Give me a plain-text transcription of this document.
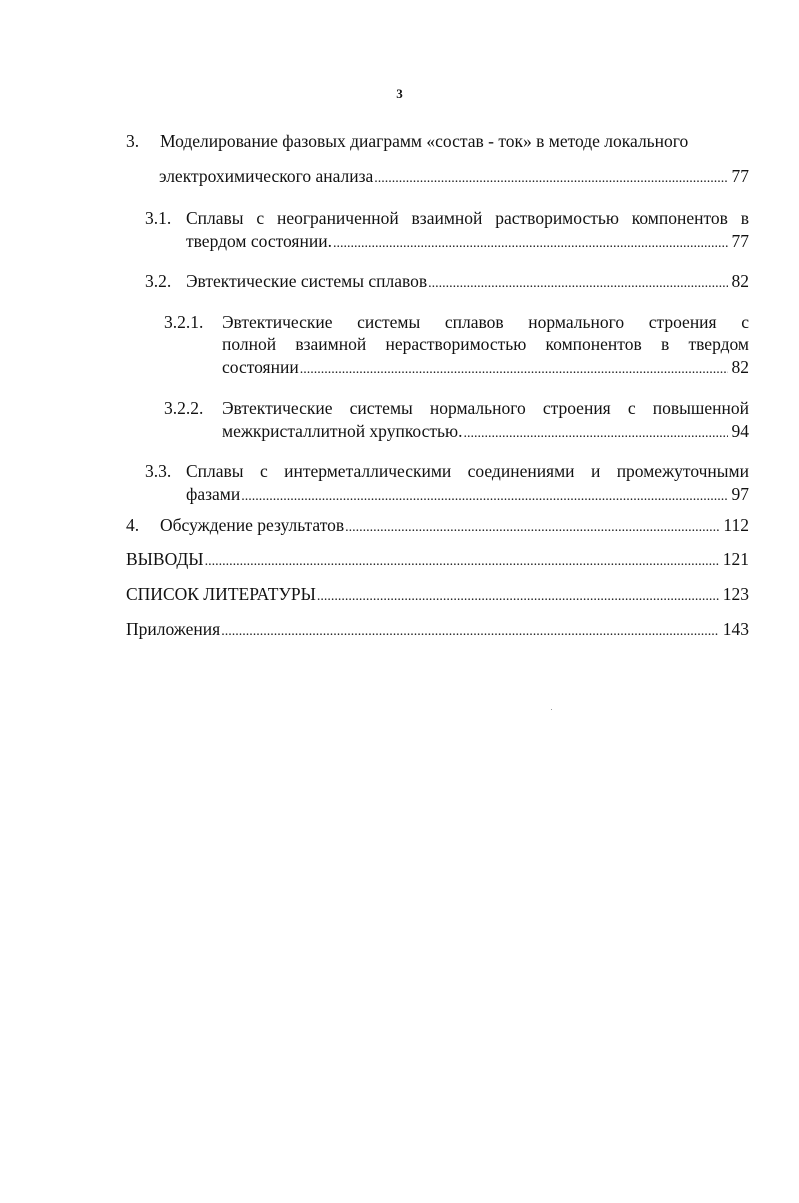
3
3. Моделирование фазовых диаграмм «состав - ток» в методе локального
электрохимического анализа .....	77
3.1. Сплавы с неограниченной взаимной растворимостью компонентов в
твердом состоянии. .....	77
3.2. Эвтектические системы сплавов .....	82
3.2.1. Эвтектические системы сплавов нормального строения с
полной взаимной нерастворимостью компонентов в твердом
состоянии .....	82
3.2.2. Эвтектические системы нормального строения с повышенной
межкристаллитной хрупкостью. .....	94
3.3. Сплавы с интерметаллическими соединениями и промежуточными
фазами .....	97
4. Обсуждение результатов .....	112
ВЫВОДЫ .....	121
СПИСОК ЛИТЕРАТУРЫ .....	123
Приложения .....	143
